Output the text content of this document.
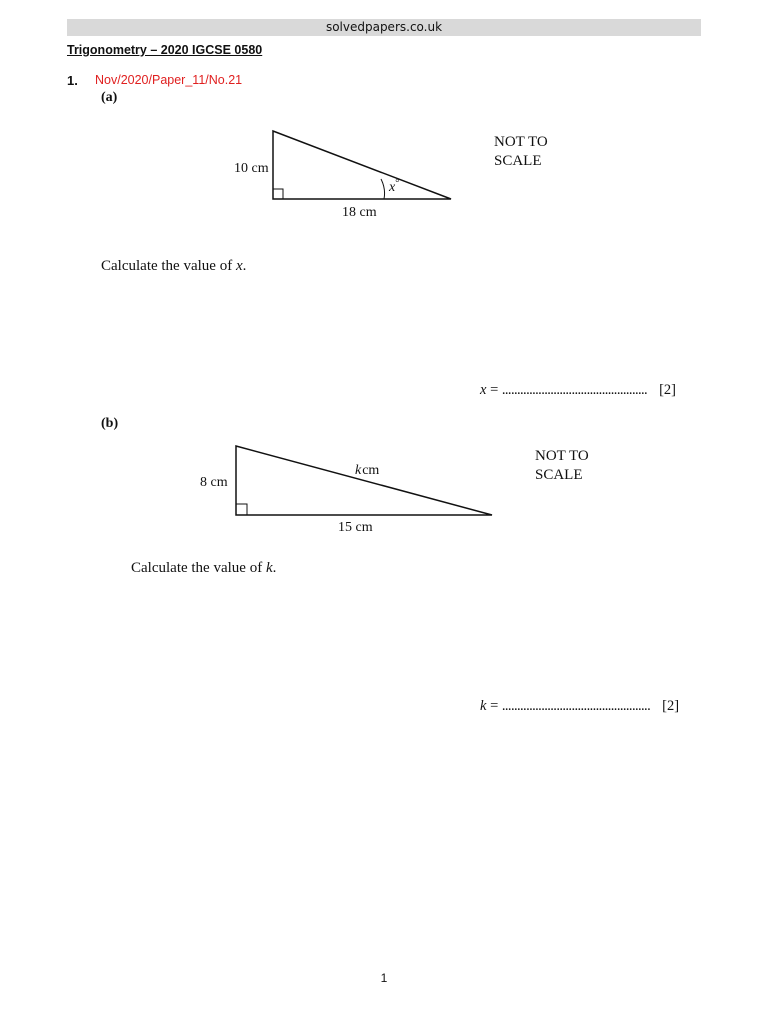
solvedpapers.co.uk
Trigonometry – 2020 IGCSE 0580
1. Nov/2020/Paper_11/No.21
(a)
10 cm
18 cm
x°
NOT TO
SCALE
Calculate the value of x.
x = ................................................ [2]
(b)
8 cm
15 cm
kcm
NOT TO
SCALE
Calculate the value of k.
k = ................................................. [2]
1
